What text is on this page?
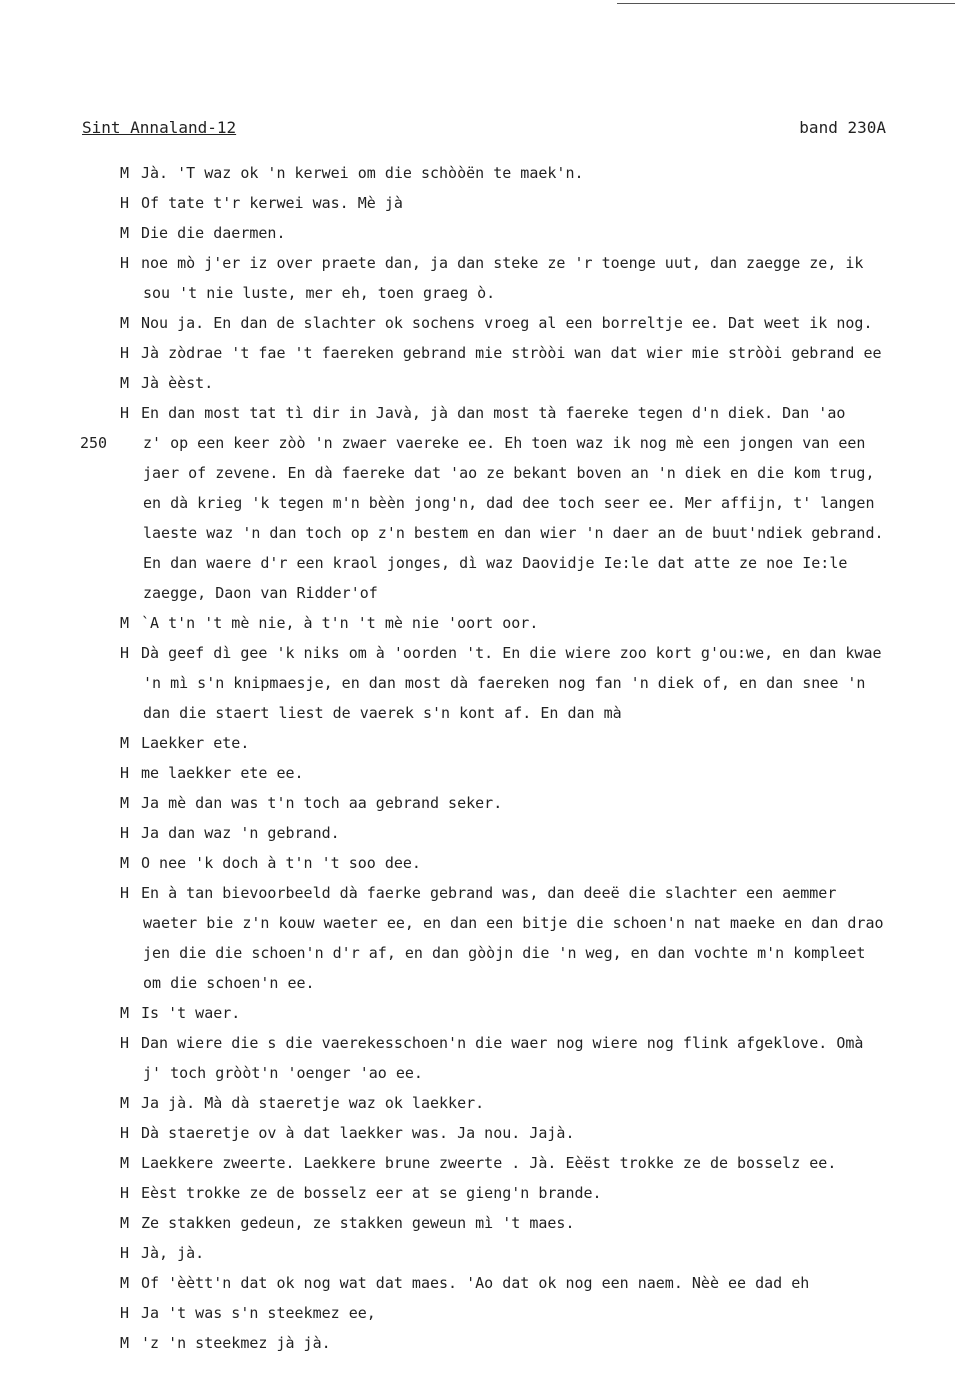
Sint Annaland-12	band 230A
M Jà. 'T waz ok 'n kerwei om die schòòën te maek'n.
H Of tate t'r kerwei was. Mè jà
M Die die daermen.
H noe mò j'er iz over praete dan, ja dan steke ze 'r toenge uut, dan zaegge ze, ik
sou 't nie luste, mer eh, toen graeg ò.
M Nou ja. En dan de slachter ok sochens vroeg al een borreltje ee. Dat weet ik nog.
H Jà zòdrae 't fae 't faereken gebrand mie stròòi wan dat wier mie stròòi gebrand ee
M Jà èèst.
H En dan most tat tì dir in Javà, jà dan most tà faereke tegen d'n diek. Dan 'ao
250 z' op een keer zòò 'n zwaer vaereke ee. Eh toen waz ik nog mè een jongen van een
jaer of zevene. En dà faereke dat 'ao ze bekant boven an 'n diek en die kom trug,
en dà krieg 'k tegen m'n bèèn jong'n, dad dee toch seer ee. Mer affijn, t' langen
laeste waz 'n dan toch op z'n bestem en dan wier 'n daer an de buut'ndiek gebrand.
En dan waere d'r een kraol jonges, dì waz Daovidje Ie:le dat atte ze noe Ie:le
zaegge, Daon van Ridder'of
M `A t'n 't mè nie, à t'n 't mè nie 'oort oor.
H Dà geef dì gee 'k niks om à 'oorden 't. En die wiere zoo kort g'ou:we, en dan kwae
'n mì s'n knipmaesje, en dan most dà faereken nog fan 'n diek of, en dan snee 'n
dan die staert liest de vaerek s'n kont af. En dan mà
M Laekker ete.
H me laekker ete ee.
M Ja mè dan was t'n toch aa gebrand seker.
H Ja dan waz 'n gebrand.
M O nee 'k doch à t'n 't soo dee.
H En à tan bievoorbeeld dà faerke gebrand was, dan deeë die slachter een aemmer
waeter bie z'n kouw waeter ee, en dan een bitje die schoen'n nat maeke en dan drao
jen die die schoen'n d'r af, en dan gòòjn die 'n weg, en dan vochte m'n kompleet
om die schoen'n ee.
M Is 't waer.
H Dan wiere die s die vaerekesschoen'n die waer nog wiere nog flink afgeklove. Omà
j' toch gròòt'n 'oenger 'ao ee.
M Ja jà. Mà dà staeretje waz ok laekker.
H Dà staeretje ov à dat laekker was. Ja nou. Jajà.
M Laekkere zweerte. Laekkere brune zweerte . Jà. Eèëst trokke ze de bosselz ee.
H Eèst trokke ze de bosselz eer at se gieng'n brande.
M Ze stakken gedeun, ze stakken geweun mì 't maes.
H Jà, jà.
M Of 'èètt'n dat ok nog wat dat maes. 'Ao dat ok nog een naem. Nèè ee dad eh
H Ja 't was s'n steekmez ee,
M 'z 'n steekmez jà jà.
